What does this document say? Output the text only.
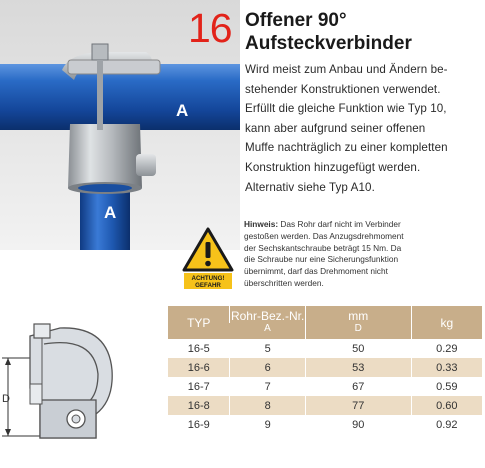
A
A
16 Offener 90°
Aufsteckverbinder
Wird meist zum Anbau und Ändern be-
stehender Konstruktionen verwendet.
Erfüllt die gleiche Funktion wie Typ 10,
kann aber aufgrund seiner offenen
Muffe nachträglich zu einer kompletten
Konstruktion hinzugefügt werden.
Alternativ siehe Typ A10.
ACHTUNG!
GEFAHR
Hinweis: Das Rohr darf nicht im Verbinder
gestoßen werden. Das Anzugsdrehmoment
der Sechskantschraube beträgt 15 Nm. Da
die Schraube nur eine Sicherungsfunktion
übernimmt, darf das Drehmoment nicht
überschritten werden.
D
TYP	Rohr-Bez.-Nr.	mm	kg
	A	D	
16-5	5	50	0.29
16-6	6	53	0.33
16-7	7	67	0.59
16-8	8	77	0.60
16-9	9	90	0.92
